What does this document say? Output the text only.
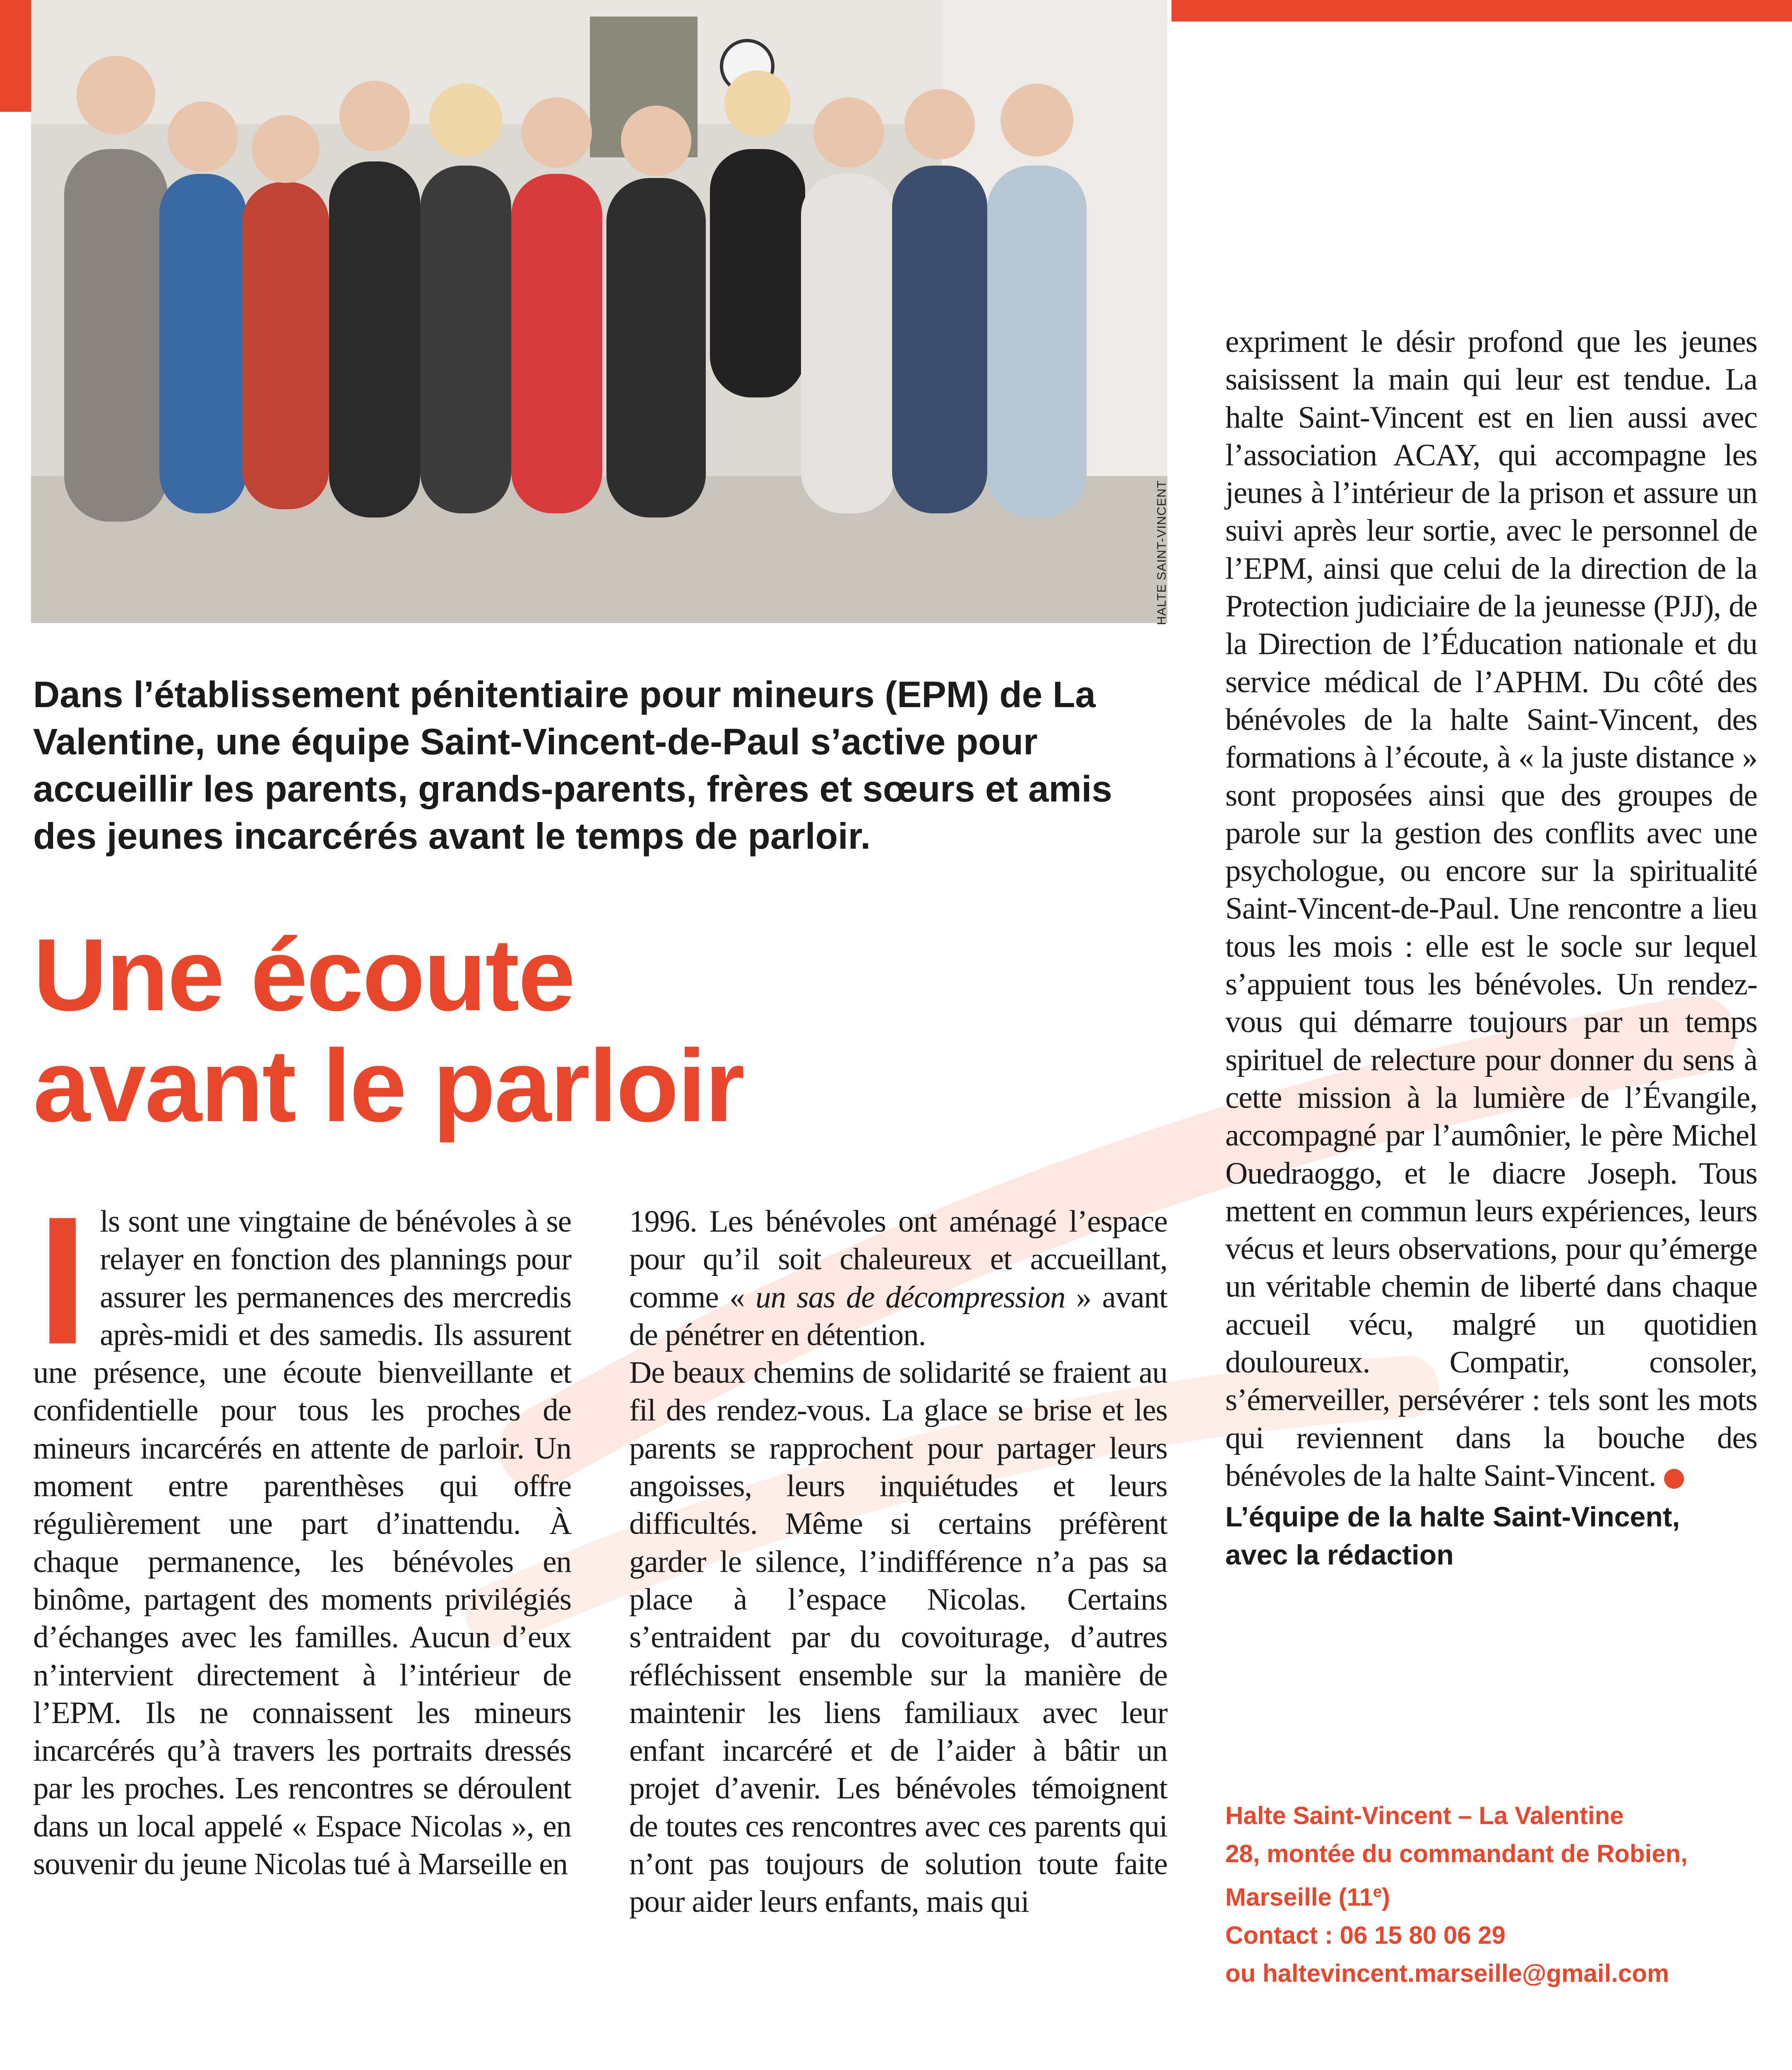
HALTE SAINT-VINCENT
Dans l’établissement pénitentiaire pour mineurs (EPM) de La Valentine, une équipe Saint-Vincent-de-Paul s’active pour accueillir les parents, grands-parents, frères et sœurs et amis des jeunes incarcérés avant le temps de parloir.
Une écoute
avant le parloir
I ls sont une vingtaine de bénévoles à se relayer en fonction des plannings pour assurer les permanences des mercredis après-midi et des samedis. Ils assurent une présence, une écoute bienveillante et confidentielle pour tous les proches de mineurs incarcérés en attente de parloir. Un moment entre parenthèses qui offre régulièrement une part d’inattendu. À chaque permanence, les bénévoles en binôme, partagent des moments privilégiés d’échanges avec les familles. Aucun d’eux n’intervient directement à l’intérieur de l’EPM. Ils ne connaissent les mineurs incarcérés qu’à travers les portraits dressés par les proches. Les rencontres se déroulent dans un local appelé « Espace Nicolas », en souvenir du jeune Nicolas tué à Marseille en

1996. Les bénévoles ont aménagé l’espace pour qu’il soit chaleureux et accueillant, comme « un sas de décompression » avant de pénétrer en détention.

De beaux chemins de solidarité se fraient au fil des rendez-vous. La glace se brise et les parents se rapprochent pour partager leurs angoisses, leurs inquiétudes et leurs difficultés. Même si certains préfèrent garder le silence, l’indifférence n’a pas sa place à l’espace Nicolas. Certains s’entraident par du covoiturage, d’autres réfléchissent ensemble sur la manière de maintenir les liens familiaux avec leur enfant incarcéré et de l’aider à bâtir un projet d’avenir. Les bénévoles témoignent de toutes ces rencontres avec ces parents qui n’ont pas toujours de solution toute faite pour aider leurs enfants, mais qui

expriment le désir profond que les jeunes saisissent la main qui leur est tendue. La halte Saint-Vincent est en lien aussi avec l’association ACAY, qui accompagne les jeunes à l’intérieur de la prison et assure un suivi après leur sortie, avec le personnel de l’EPM, ainsi que celui de la direction de la Protection judiciaire de la jeunesse (PJJ), de la Direction de l’Éducation nationale et du service médical de l’APHM. Du côté des bénévoles de la halte Saint-Vincent, des formations à l’écoute, à « la juste distance » sont proposées ainsi que des groupes de parole sur la gestion des conflits avec une psychologue, ou encore sur la spiritualité Saint-Vincent-de-Paul. Une rencontre a lieu tous les mois : elle est le socle sur lequel s’appuient tous les bénévoles. Un rendez-vous qui démarre toujours par un temps spirituel de relecture pour donner du sens à cette mission à la lumière de l’Évangile, accompagné par l’aumônier, le père Michel Ouedraoggo, et le diacre Joseph. Tous mettent en commun leurs expériences, leurs vécus et leurs observations, pour qu’émerge un véritable chemin de liberté dans chaque accueil vécu, malgré un quotidien douloureux. Compatir, consoler, s’émerveiller, persévérer : tels sont les mots qui reviennent dans la bouche des bénévoles de la halte Saint-Vincent.

L’équipe de la halte Saint-Vincent,
avec la rédaction
Halte Saint-Vincent – La Valentine
28, montée du commandant de Robien,
Marseille (11e)
Contact : 06 15 80 06 29
ou haltevincent.marseille@gmail.com
